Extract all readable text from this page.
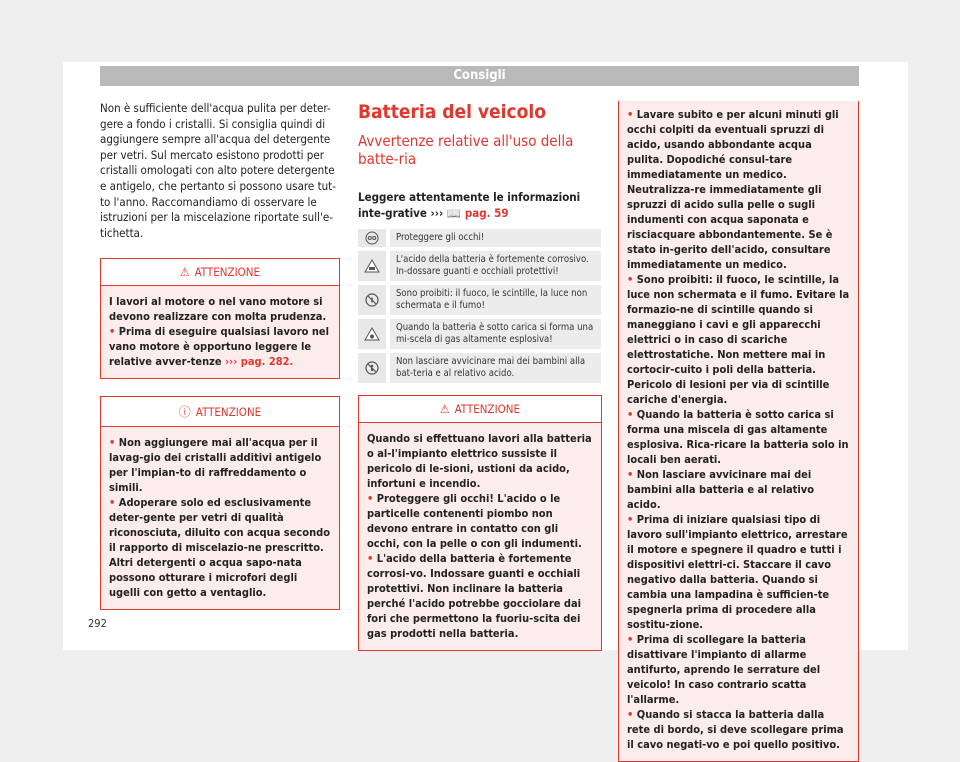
Consigli
Non è sufficiente dell'acqua pulita per deter-gere a fondo i cristalli. Si consiglia quindi di aggiungere sempre all'acqua del detergente per vetri. Sul mercato esistono prodotti per cristalli omologati con alto potere detergente e antigelo, che pertanto si possono usare tut-to l'anno. Raccomandiamo di osservare le istruzioni per la miscelazione riportate sull'e-tichetta.
⚠ ATTENZIONE
I lavori al motore o nel vano motore si devono realizzare con molta prudenza.
• Prima di eseguire qualsiasi lavoro nel vano motore è opportuno leggere le relative avver-tenze ››› pag. 282.
ⓘ ATTENZIONE
• Non aggiungere mai all'acqua per il lavag-gio dei cristalli additivi antigelo per l'impian-to di raffreddamento o simili.
• Adoperare solo ed esclusivamente deter-gente per vetri di qualità riconosciuta, diluito con acqua secondo il rapporto di miscelazio-ne prescritto. Altri detergenti o acqua sapo-nata possono otturare i microfori degli ugelli con getto a ventaglio.
Batteria del veicolo
Avvertenze relative all'uso della batte-ria
Leggere attentamente le informazioni inte-grative ››› 📖 pag. 59
	Proteggere gli occhi!

	L'acido della batteria è fortemente corrosivo. In-dossare guanti e occhiali protettivi!

	Sono proibiti: il fuoco, le scintille, la luce non schermata e il fumo!

	Quando la batteria è sotto carica si forma una mi-scela di gas altamente esplosiva!

	Non lasciare avvicinare mai dei bambini alla bat-teria e al relativo acido.
⚠ ATTENZIONE
Quando si effettuano lavori alla batteria o al-l'impianto elettrico sussiste il pericolo di le-sioni, ustioni da acido, infortuni e incendio.
• Proteggere gli occhi! L'acido o le particelle contenenti piombo non devono entrare in contatto con gli occhi, con la pelle o con gli indumenti.
• L'acido della batteria è fortemente corrosi-vo. Indossare guanti e occhiali protettivi. Non inclinare la batteria perché l'acido potrebbe gocciolare dai fori che permettono la fuoriu-scita dei gas prodotti nella batteria.
• Lavare subito e per alcuni minuti gli occhi colpiti da eventuali spruzzi di acido, usando abbondante acqua pulita. Dopodiché consul-tare immediatamente un medico. Neutralizza-re immediatamente gli spruzzi di acido sulla pelle o sugli indumenti con acqua saponata e risciacquare abbondantemente. Se è stato in-gerito dell'acido, consultare immediatamente un medico.
• Sono proibiti: il fuoco, le scintille, la luce non schermata e il fumo. Evitare la formazio-ne di scintille quando si maneggiano i cavi e gli apparecchi elettrici o in caso di scariche elettrostatiche. Non mettere mai in cortocir-cuito i poli della batteria. Pericolo di lesioni per via di scintille cariche d'energia.
• Quando la batteria è sotto carica si forma una miscela di gas altamente esplosiva. Rica-ricare la batteria solo in locali ben aerati.
• Non lasciare avvicinare mai dei bambini alla batteria e al relativo acido.
• Prima di iniziare qualsiasi tipo di lavoro sull'impianto elettrico, arrestare il motore e spegnere il quadro e tutti i dispositivi elettri-ci. Staccare il cavo negativo dalla batteria. Quando si cambia una lampadina è sufficien-te spegnerla prima di procedere alla sostitu-zione.
• Prima di scollegare la batteria disattivare l'impianto di allarme antifurto, aprendo le serrature del veicolo! In caso contrario scatta l'allarme.
• Quando si stacca la batteria dalla rete di bordo, si deve scollegare prima il cavo negati-vo e poi quello positivo.
292
